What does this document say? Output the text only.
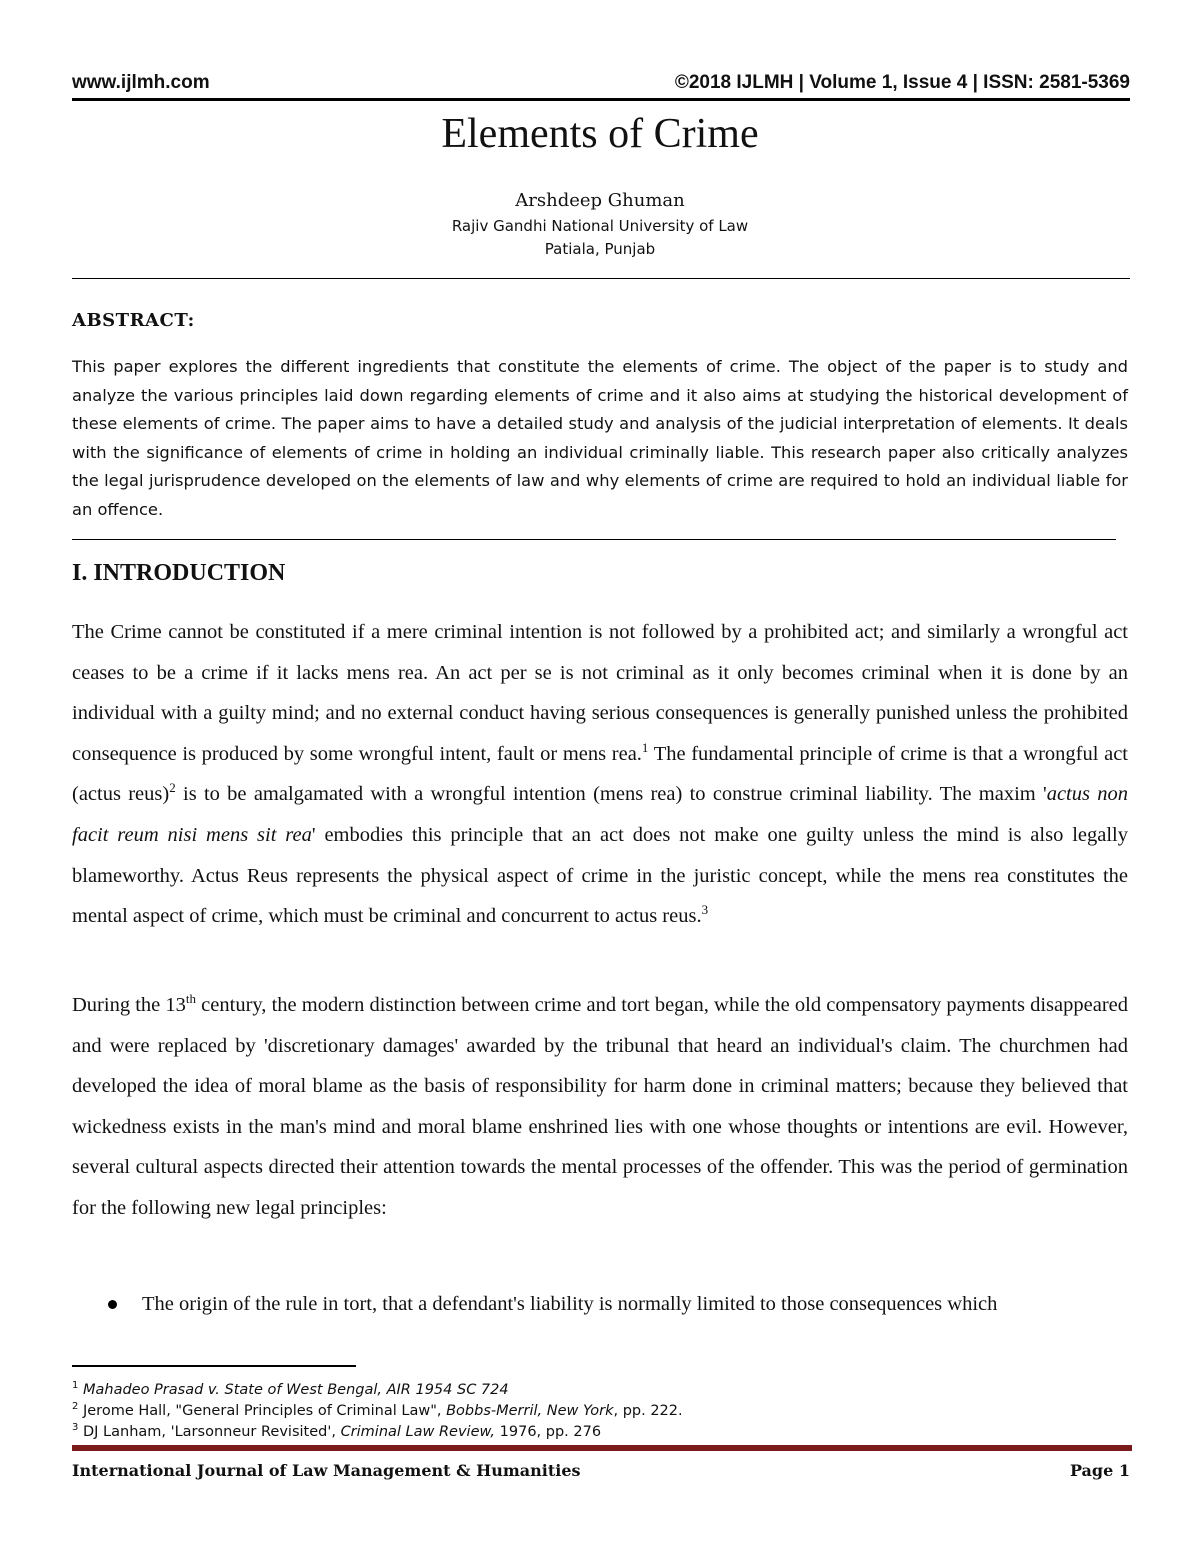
www.ijlmh.com	©2018 IJLMH | Volume 1, Issue 4 | ISSN: 2581-5369
Elements of Crime
Arshdeep Ghuman
Rajiv Gandhi National University of Law
Patiala, Punjab
ABSTRACT:
This paper explores the different ingredients that constitute the elements of crime. The object of the paper is to study and analyze the various principles laid down regarding elements of crime and it also aims at studying the historical development of these elements of crime. The paper aims to have a detailed study and analysis of the judicial interpretation of elements. It deals with the significance of elements of crime in holding an individual criminally liable. This research paper also critically analyzes the legal jurisprudence developed on the elements of law and why elements of crime are required to hold an individual liable for an offence.
I. INTRODUCTION
The Crime cannot be constituted if a mere criminal intention is not followed by a prohibited act; and similarly a wrongful act ceases to be a crime if it lacks mens rea. An act per se is not criminal as it only becomes criminal when it is done by an individual with a guilty mind; and no external conduct having serious consequences is generally punished unless the prohibited consequence is produced by some wrongful intent, fault or mens rea.$^1$ The fundamental principle of crime is that a wrongful act (actus reus)$^2$ is to be amalgamated with a wrongful intention (mens rea) to construe criminal liability. The maxim 'actus non facit reum nisi mens sit rea' embodies this principle that an act does not make one guilty unless the mind is also legally blameworthy. Actus Reus represents the physical aspect of crime in the juristic concept, while the mens rea constitutes the mental aspect of crime, which must be criminal and concurrent to actus reus.$^3$
During the 13th century, the modern distinction between crime and tort began, while the old compensatory payments disappeared and were replaced by 'discretionary damages' awarded by the tribunal that heard an individual's claim. The churchmen had developed the idea of moral blame as the basis of responsibility for harm done in criminal matters; because they believed that wickedness exists in the man's mind and moral blame enshrined lies with one whose thoughts or intentions are evil. However, several cultural aspects directed their attention towards the mental processes of the offender. This was the period of germination for the following new legal principles:
The origin of the rule in tort, that a defendant's liability is normally limited to those consequences which
$^1$ Mahadeo Prasad v. State of West Bengal, AIR 1954 SC 724
$^2$ Jerome Hall, "General Principles of Criminal Law", Bobbs-Merril, New York, pp. 222.
$^3$ DJ Lanham, 'Larsonneur Revisited', Criminal Law Review, 1976, pp. 276
International Journal of Law Management & Humanities	Page 1
